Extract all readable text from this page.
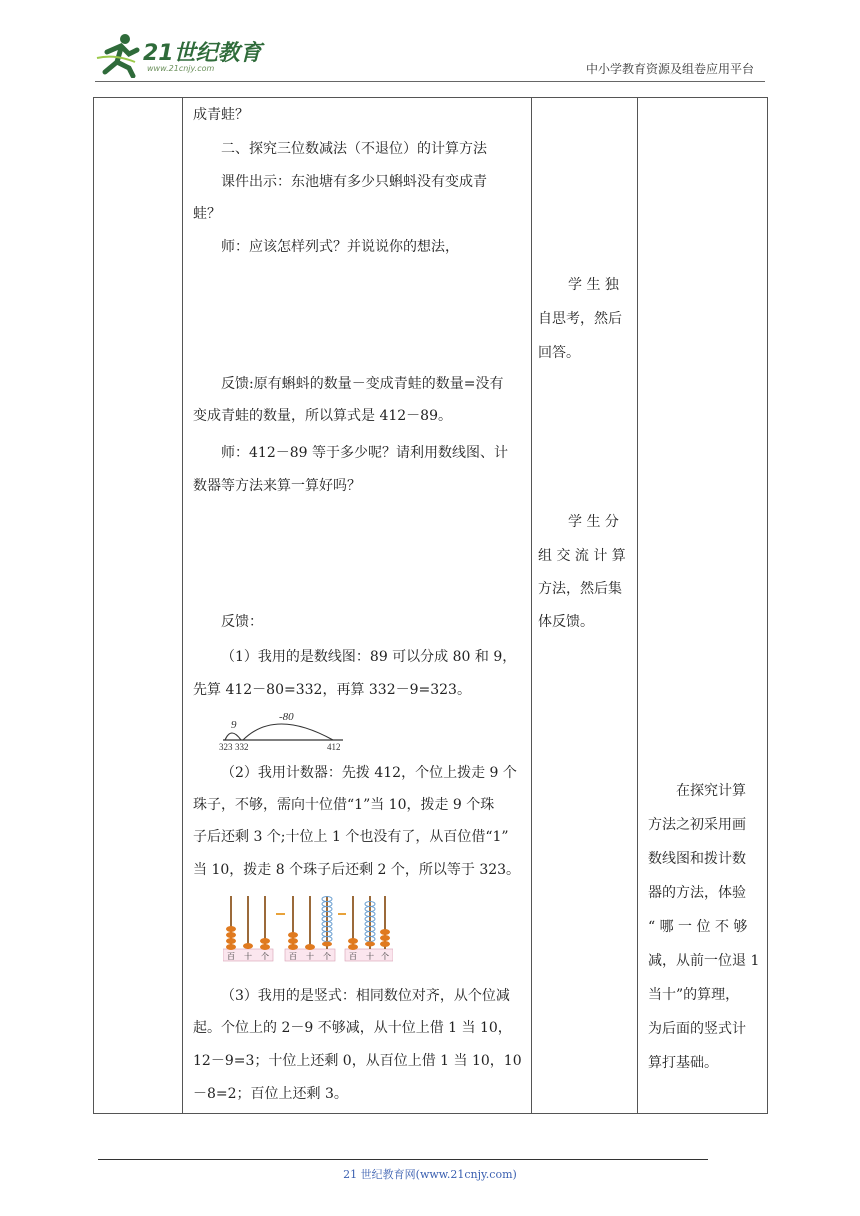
21世纪教育
www.21cnjy.com	中小学教育资源及组卷应用平台

成青蛙？
二、探究三位数减法（不退位）的计算方法
课件出示：东池塘有多少只蝌蚪没有变成青
蛙？
师：应该怎样列式？并说说你的想法，
反馈:原有蝌蚪的数量－变成青蛙的数量=没有
变成青蛙的数量，所以算式是 412－89。
师：412－89 等于多少呢？请利用数线图、计
数器等方法来算一算好吗？
反馈：
（1）我用的是数线图：89 可以分成 80 和 9，
先算 412－80=332，再算 332－9=323。
9
-80
323 332	412
（2）我用计数器：先拨 412，个位上拨走 9 个
珠子，不够，需向十位借“1”当 10，拨走 9 个珠
子后还剩 3 个;十位上 1 个也没有了，从百位借“1”
当 10，拨走 8 个珠子后还剩 2 个，所以等于 323。
百 十 个	百 十 个 百 十 个
（3）我用的是竖式：相同数位对齐，从个位减
起。个位上的 2－9 不够减，从十位上借 1 当 10，
12－9=3；十位上还剩 0，从百位上借 1 当 10，10
－8=2；百位上还剩 3。

学 生 独
自思考，然后
回答。
学 生 分
组 交 流 计 算
方法，然后集
体反馈。

在探究计算
方法之初采用画
数线图和拨计数
器的方法，体验
“ 哪 一 位 不 够
减，从前一位退 1
当十”的算理，
为后面的竖式计
算打基础。
21 世纪教育网(www.21cnjy.com)
